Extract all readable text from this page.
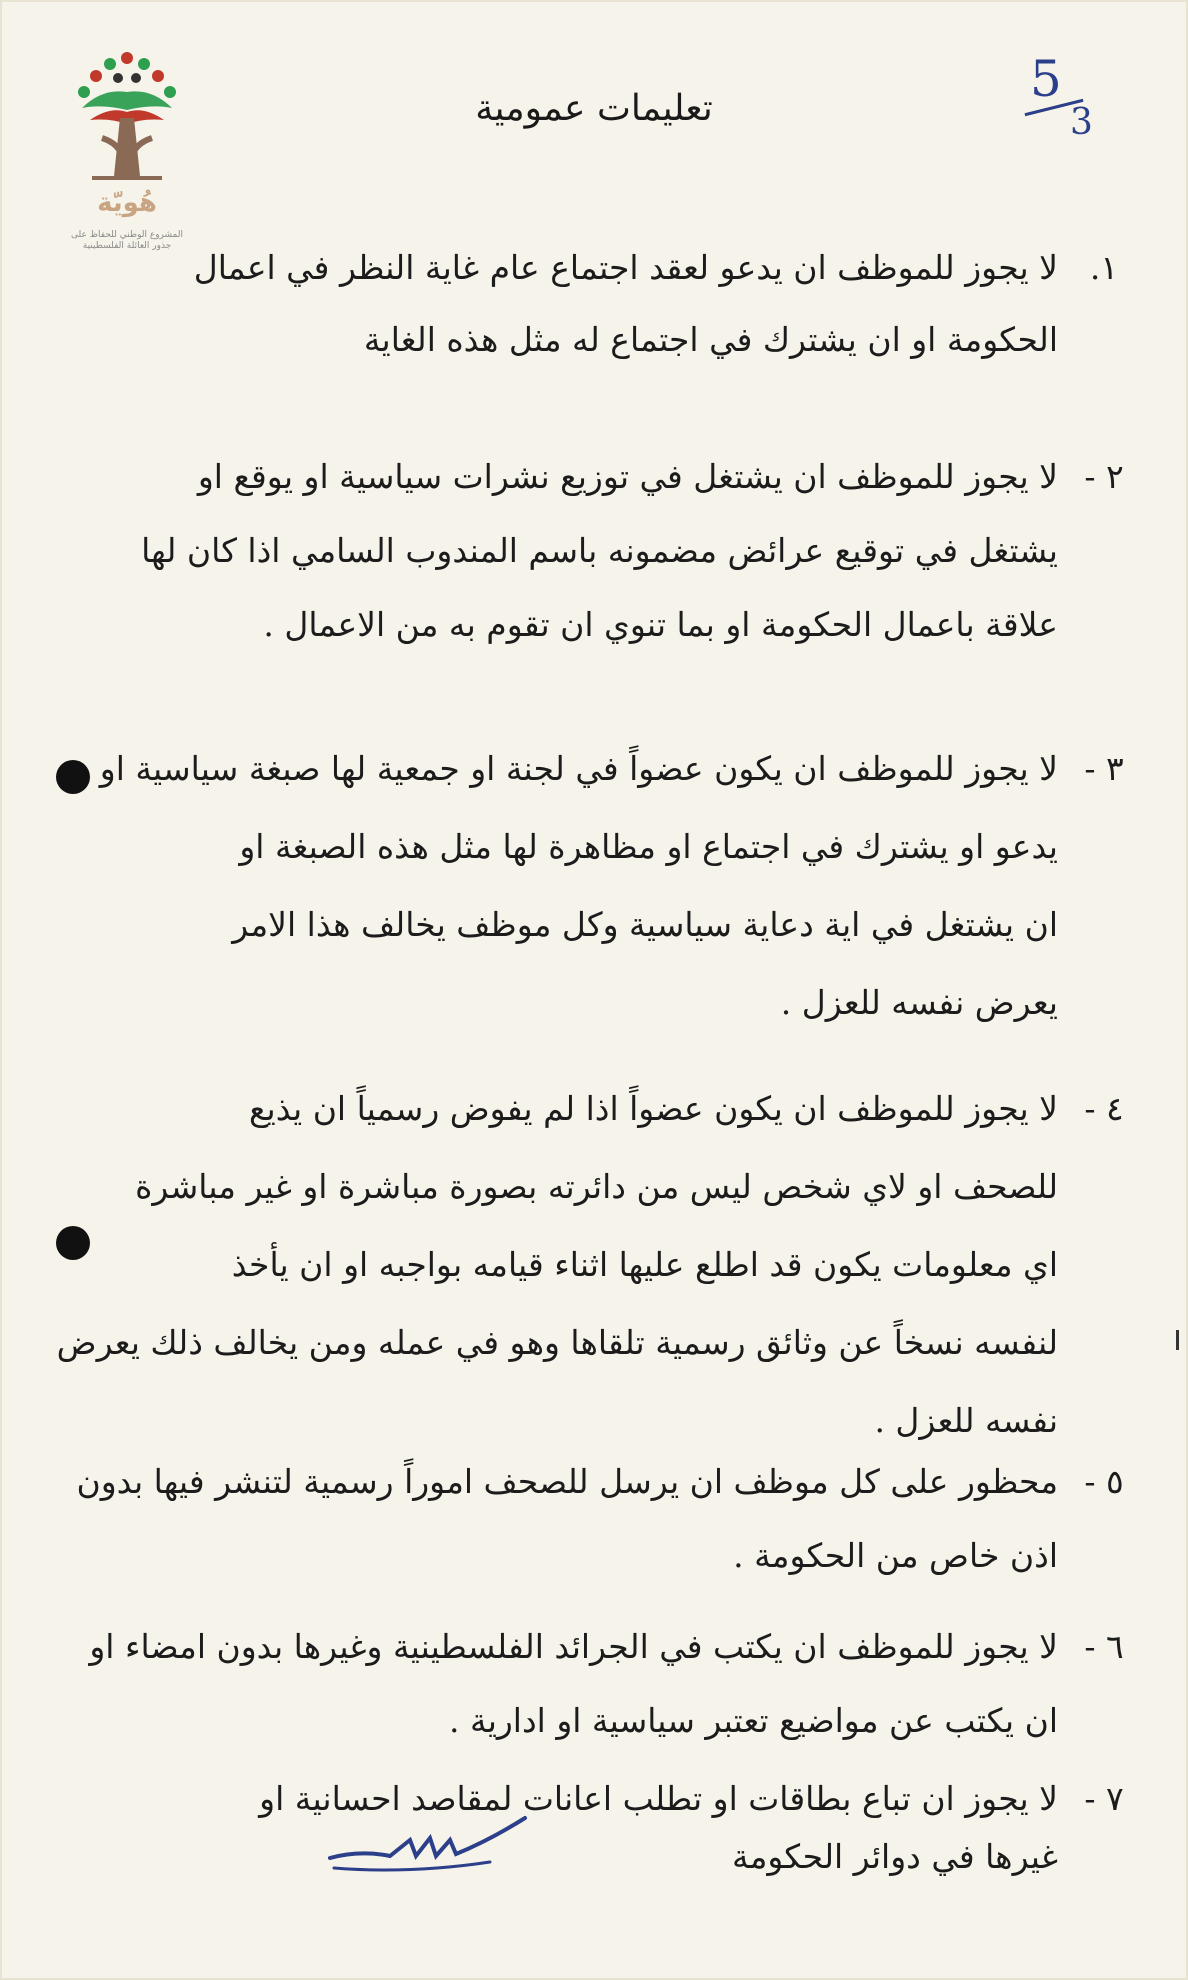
هُويّة
المشروع الوطني للحفاظ على
جذور العائلة الفلسطينية
5
3
تعليمات عمومية
١.
لا يجوز للموظف ان يدعو لعقد اجتماع عام غاية النظر في اعمال
الحكومة او ان يشترك في اجتماع له مثل هذه الغاية
٢ -
لا يجوز للموظف ان يشتغل في توزيع نشرات سياسية او يوقع او
يشتغل في توقيع عرائض مضمونه باسم المندوب السامي اذا كان لها
علاقة باعمال الحكومة او بما تنوي ان تقوم به من الاعمال .
٣ -
لا يجوز للموظف ان يكون عضواً في لجنة او جمعية لها صبغة سياسية او
يدعو او يشترك في اجتماع او مظاهرة لها مثل هذه الصبغة او
ان يشتغل في اية دعاية سياسية وكل موظف يخالف هذا الامر
يعرض نفسه للعزل .
٤ -
لا يجوز للموظف ان يكون عضواً اذا لم يفوض رسمياً ان يذيع
للصحف او لاي شخص ليس من دائرته بصورة مباشرة او غير مباشرة
اي معلومات يكون قد اطلع عليها اثناء قيامه بواجبه او ان يأخذ
لنفسه نسخاً عن وثائق رسمية تلقاها وهو في عمله ومن يخالف ذلك يعرض
نفسه للعزل .
٥ -
محظور على كل موظف ان يرسل للصحف اموراً رسمية لتنشر فيها بدون
اذن خاص من الحكومة .
٦ -
لا يجوز للموظف ان يكتب في الجرائد الفلسطينية وغيرها بدون امضاء او
ان يكتب عن مواضيع تعتبر سياسية او ادارية .
٧ -
لا يجوز ان تباع بطاقات او تطلب اعانات لمقاصد احسانية او
غيرها في دوائر الحكومة
